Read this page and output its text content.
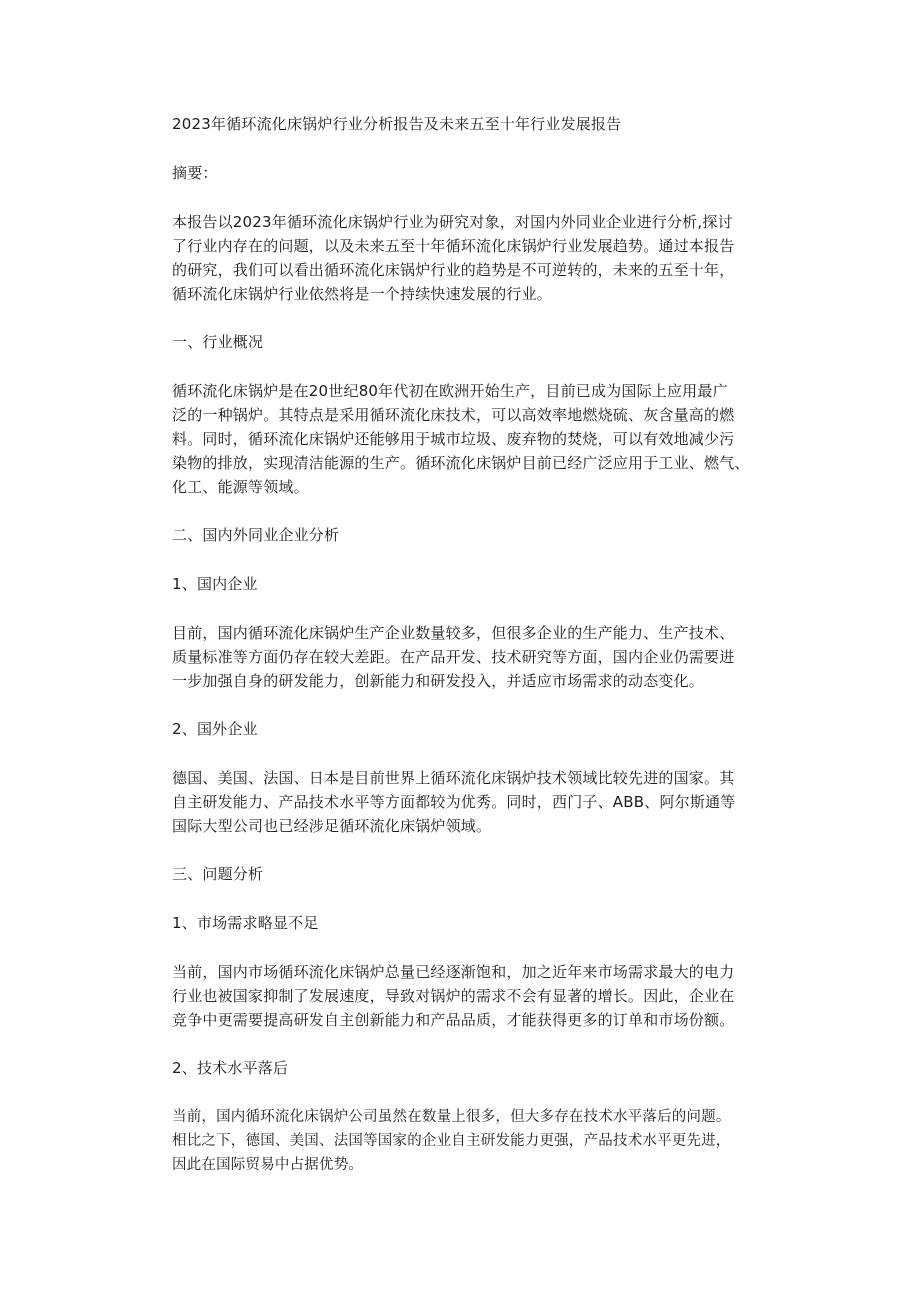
2023年循环流化床锅炉行业分析报告及未来五至十年行业发展报告

摘要：

本报告以2023年循环流化床锅炉行业为研究对象，对国内外同业企业进行分析,探讨
了行业内存在的问题，以及未来五至十年循环流化床锅炉行业发展趋势。通过本报告
的研究，我们可以看出循环流化床锅炉行业的趋势是不可逆转的，未来的五至十年，
循环流化床锅炉行业依然将是一个持续快速发展的行业。

一、行业概况

循环流化床锅炉是在20世纪80年代初在欧洲开始生产，目前已成为国际上应用最广
泛的一种锅炉。其特点是采用循环流化床技术，可以高效率地燃烧硫、灰含量高的燃
料。同时，循环流化床锅炉还能够用于城市垃圾、废弃物的焚烧，可以有效地减少污
染物的排放，实现清洁能源的生产。循环流化床锅炉目前已经广泛应用于工业、燃气、
化工、能源等领域。

二、国内外同业企业分析

1、国内企业

目前，国内循环流化床锅炉生产企业数量较多，但很多企业的生产能力、生产技术、
质量标准等方面仍存在较大差距。在产品开发、技术研究等方面，国内企业仍需要进
一步加强自身的研发能力，创新能力和研发投入，并适应市场需求的动态变化。

2、国外企业

德国、美国、法国、日本是目前世界上循环流化床锅炉技术领域比较先进的国家。其
自主研发能力、产品技术水平等方面都较为优秀。同时，西门子、ABB、阿尔斯通等
国际大型公司也已经涉足循环流化床锅炉领域。

三、问题分析

1、市场需求略显不足

当前，国内市场循环流化床锅炉总量已经逐渐饱和，加之近年来市场需求最大的电力
行业也被国家抑制了发展速度，导致对锅炉的需求不会有显著的增长。因此，企业在
竞争中更需要提高研发自主创新能力和产品品质，才能获得更多的订单和市场份额。

2、技术水平落后

当前，国内循环流化床锅炉公司虽然在数量上很多，但大多存在技术水平落后的问题。
相比之下，德国、美国、法国等国家的企业自主研发能力更强，产品技术水平更先进，
因此在国际贸易中占据优势。
